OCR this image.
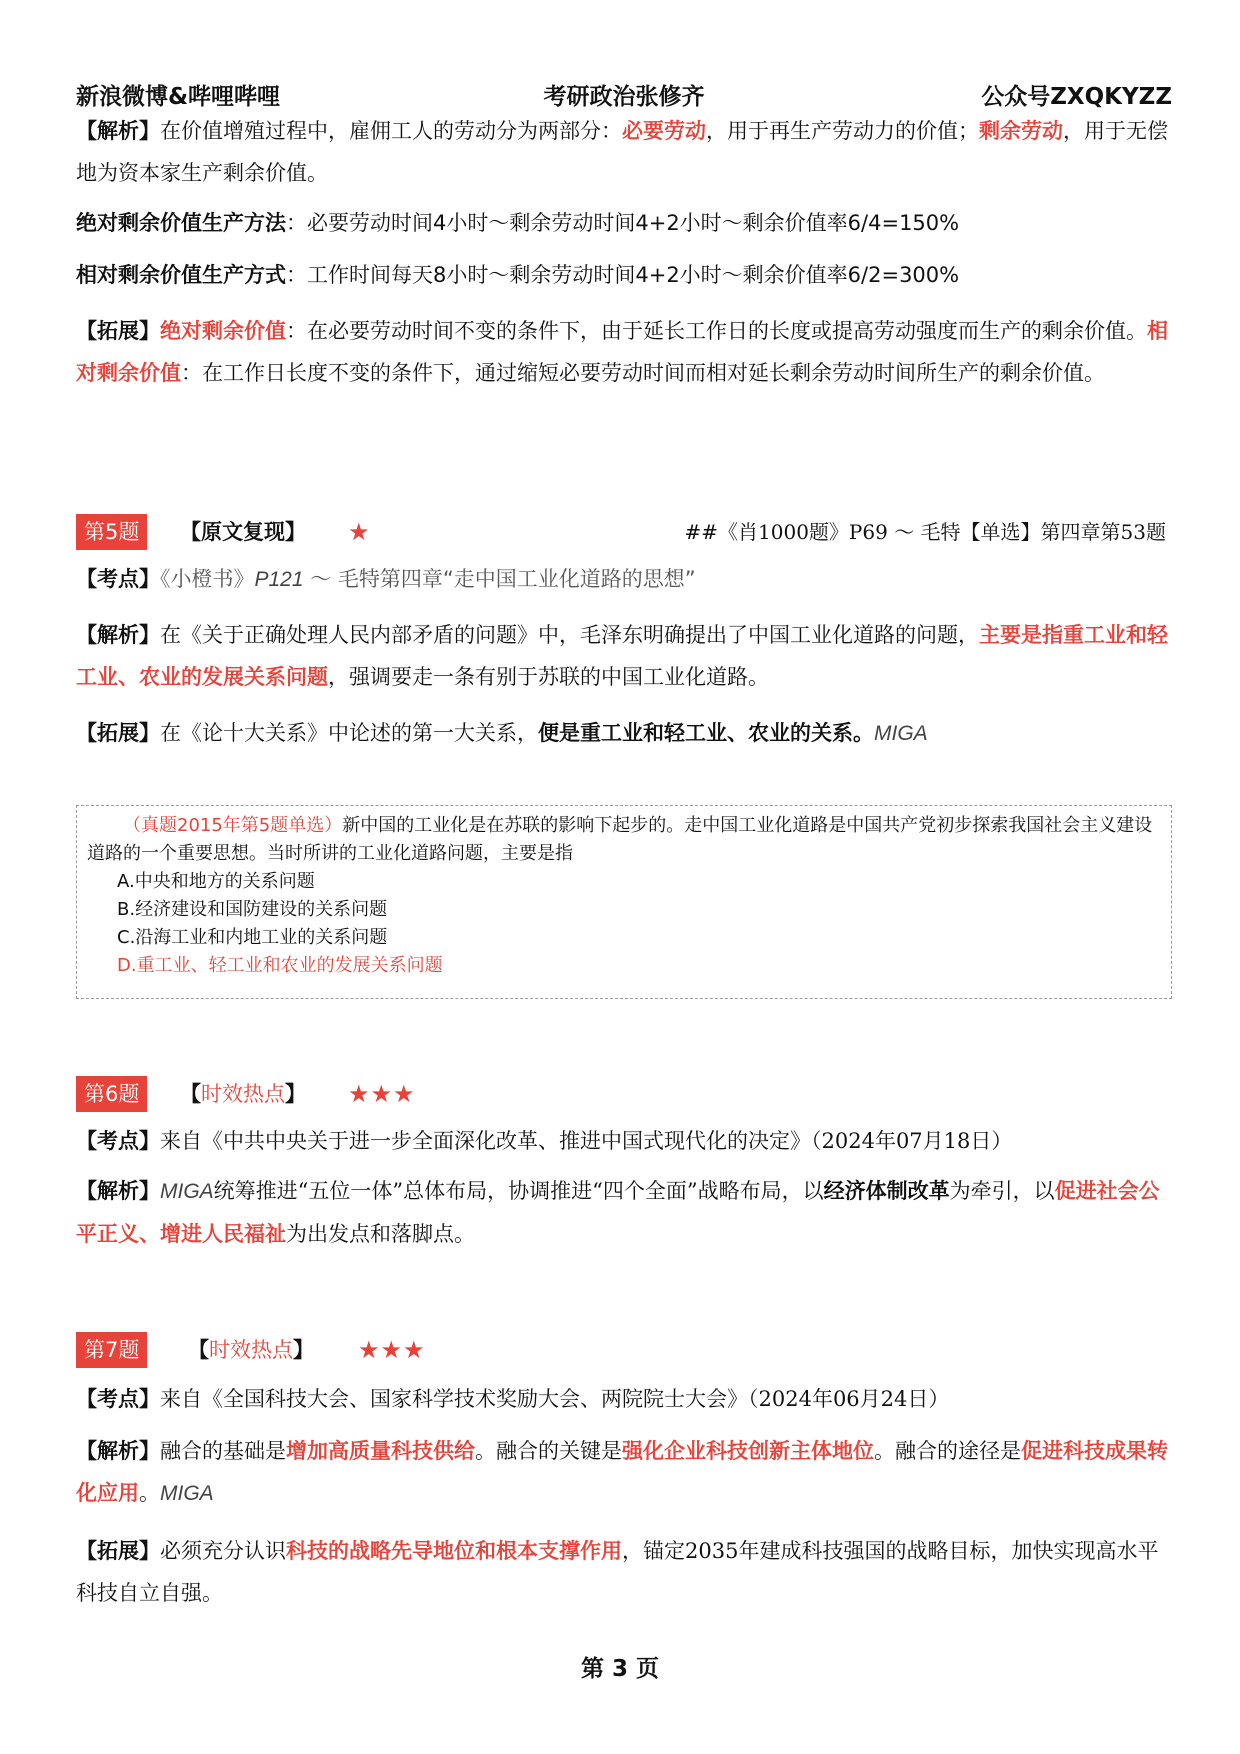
新浪微博&哔哩哔哩	考研政治张修齐	公众号ZXQKYZZ
【解析】在价值增殖过程中，雇佣工人的劳动分为两部分：必要劳动，用于再生产劳动力的价值；剩余劳动，用于无偿地为资本家生产剩余价值。
绝对剩余价值生产方法：必要劳动时间4小时～剩余劳动时间4+2小时～剩余价值率6/4=150%
相对剩余价值生产方式：工作时间每天8小时～剩余劳动时间4+2小时～剩余价值率6/2=300%
【拓展】绝对剩余价值：在必要劳动时间不变的条件下，由于延长工作日的长度或提高劳动强度而生产的剩余价值。相对剩余价值：在工作日长度不变的条件下，通过缩短必要劳动时间而相对延长剩余劳动时间所生产的剩余价值。
第5题	【原文复现】 ★	##《肖1000题》P69 ～ 毛特【单选】第四章第53题
【考点】《小橙书》P121 ～ 毛特第四章“走中国工业化道路的思想”
【解析】在《关于正确处理人民内部矛盾的问题》中，毛泽东明确提出了中国工业化道路的问题，主要是指重工业和轻工业、农业的发展关系问题，强调要走一条有别于苏联的中国工业化道路。
【拓展】在《论十大关系》中论述的第一大关系，便是重工业和轻工业、农业的关系。MIGA
（真题2015年第5题单选）新中国的工业化是在苏联的影响下起步的。走中国工业化道路是中国共产党初步探索我国社会主义建设道路的一个重要思想。当时所讲的工业化道路问题，主要是指
A.中央和地方的关系问题
B.经济建设和国防建设的关系问题
C.沿海工业和内地工业的关系问题
D.重工业、轻工业和农业的发展关系问题
第6题	【时效热点】 ★★★
【考点】来自《中共中央关于进一步全面深化改革、推进中国式现代化的决定》（2024年07月18日）
【解析】MIGA统筹推进“五位一体”总体布局，协调推进“四个全面”战略布局，以经济体制改革为牵引，以促进社会公平正义、增进人民福祉为出发点和落脚点。
第7题	【时效热点】 ★★★
【考点】来自《全国科技大会、国家科学技术奖励大会、两院院士大会》（2024年06月24日）
【解析】融合的基础是增加高质量科技供给。融合的关键是强化企业科技创新主体地位。融合的途径是促进科技成果转化应用。MIGA
【拓展】必须充分认识科技的战略先导地位和根本支撑作用，锚定2035年建成科技强国的战略目标，加快实现高水平科技自立自强。
第 3 页
